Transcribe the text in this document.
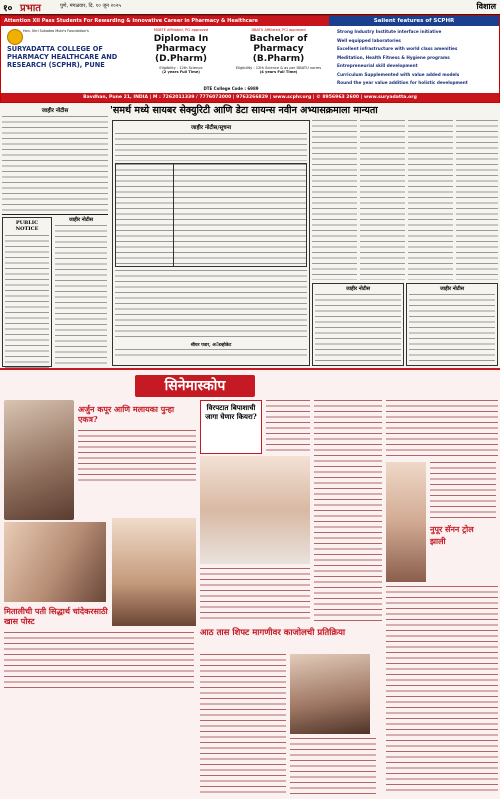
१० प्रभात	पुणे, मंगळवार, दि. १० जून २०२५	विशाल
Attention XII Pass Students For Rewarding & Innovative Career in Pharmacy & Healthcare	Salient features of SCPHR
Hon. Shri Sukadeo Mule's Foundation's
SURYADATTA COLLEGE OF PHARMACY HEALTHCARE AND RESEARCH (SCPHR), PUNE
MSBTE Affiliated, PCI approved
Diploma In Pharmacy (D.Pharm)
Eligibility : 12th Science
(2 years Full Time)
DBATU Affiliated, PCI approved
Bachelor of Pharmacy (B.Pharm)
Eligibility : 12th Science & as per DBATU norms
(4 years Full Time)
DTE College Code : 6989
Strong Industry Institute interface initiative
Well equipped laboratories
Excellent infrastructure with world class amenities
Meditation, Health Fitness & Hygiene programs
Entrepreneurial skill development
Curriculum Supplemented with value added models
Round the year value addition for holistic development
Bavdhan, Pune 21, INDIA | M : 7262011339 / 7776073000 | 9763266829 | www.scphr.org | © 8956963 2600 | www.suryadatta.org
जाहीर नोटीस
PUBLIC NOTICE
जाहीर नोटीस
'समर्थ मध्ये सायबर सेक्युरिटी आणि डेटा सायन्स नवीन अभ्यासक्रमाला मान्यता
जाहीर नोटीस/सूचना
श्रीधर पवार, अॅडव्होकेट
जाहीर नोटीस	जाहीर नोटीस
सिनेमास्कोप
अर्जुन कपूर आणि मलायका पुन्हा एकत्र?
मितालीची पती सिद्धार्थ चांदेकरसाठी खास पोस्ट
विरपटात बिपाशाची जागा घेणार कियरा?
आठ तास शिफ्ट मागणीवर काजोलची प्रतिक्रिया
नुपूर सॅनन ट्रोल
झाली
